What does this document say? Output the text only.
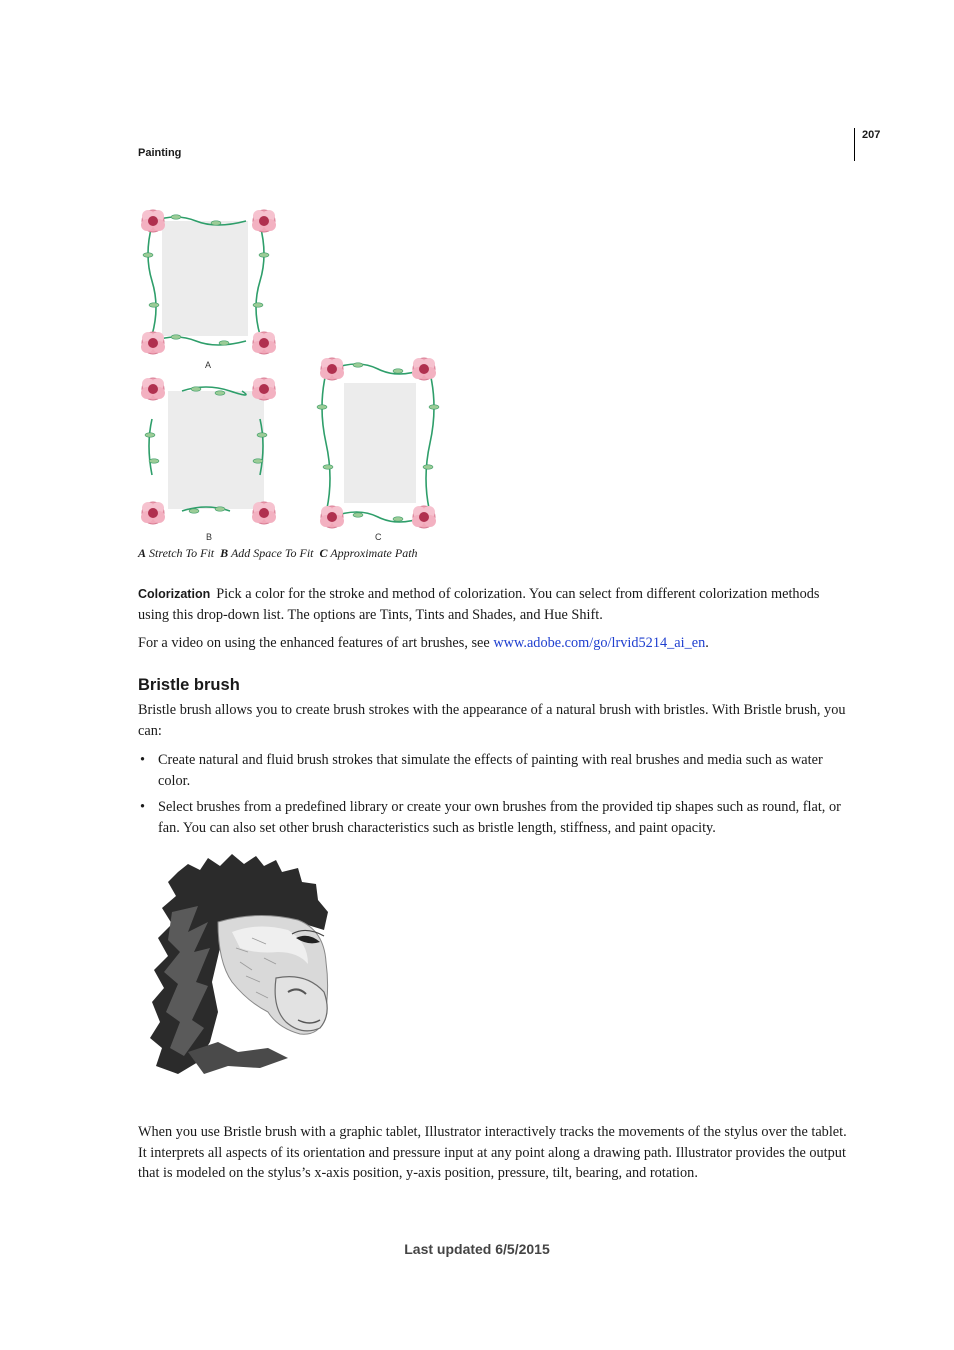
Painting
207
A
B	C
A Stretch To Fit B Add Space To Fit C Approximate Path
Colorization Pick a color for the stroke and method of colorization. You can select from different colorization methods using this drop-down list. The options are Tints, Tints and Shades, and Hue Shift.
For a video on using the enhanced features of art brushes, see www.adobe.com/go/lrvid5214_ai_en.
Bristle brush
Bristle brush allows you to create brush strokes with the appearance of a natural brush with bristles. With Bristle brush, you can:
• Create natural and fluid brush strokes that simulate the effects of painting with real brushes and media such as water color.
• Select brushes from a predefined library or create your own brushes from the provided tip shapes such as round, flat, or fan. You can also set other brush characteristics such as bristle length, stiffness, and paint opacity.
When you use Bristle brush with a graphic tablet, Illustrator interactively tracks the movements of the stylus over the tablet. It interprets all aspects of its orientation and pressure input at any point along a drawing path. Illustrator provides the output that is modeled on the stylus’s x-axis position, y-axis position, pressure, tilt, bearing, and rotation.
Last updated 6/5/2015
